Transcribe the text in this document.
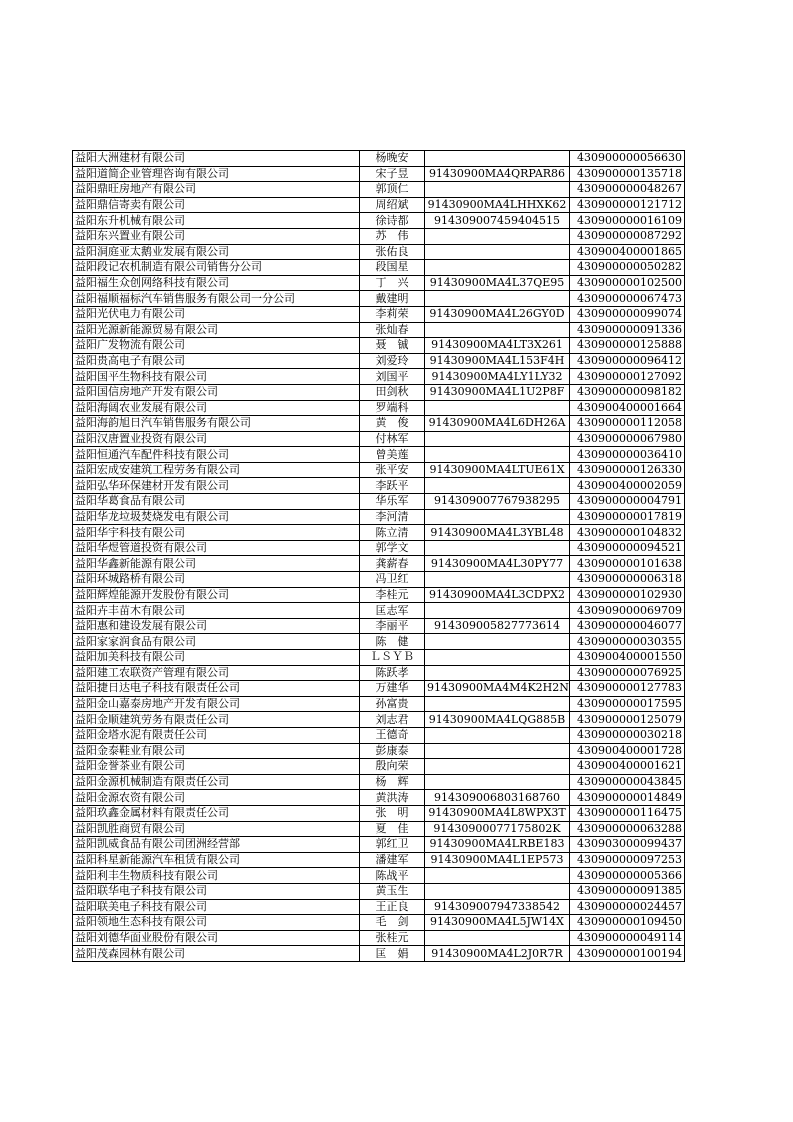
益阳大洲建材有限公司	杨晚安		430900000056630
益阳道简企业管理咨询有限公司	宋子昱	91430900MA4QRPAR86	430900000135718
益阳鼎旺房地产有限公司	郭顶仁		430900000048267
益阳鼎信寄卖有限公司	周绍斌	91430900MA4LHHXK62	430900000121712
益阳东升机械有限公司	徐诗都	914309007459404515	430900000016109
益阳东兴置业有限公司	苏　伟		430900000087292
益阳洞庭亚太鹅业发展有限公司	张佑良		430900400001865
益阳段记农机制造有限公司销售分公司	段国星		430900000050282
益阳福生众创网络科技有限公司	丁　兴	91430900MA4L37QE95	430900000102500
益阳福顺福标汽车销售服务有限公司一分公司	戴建明		430900000067473
益阳光伏电力有限公司	李莉荣	91430900MA4L26GY0D	430900000099074
益阳光源新能源贸易有限公司	张灿春		430900000091336
益阳广发物流有限公司	聂　铖	91430900MA4LT3X261	430900000125888
益阳贵高电子有限公司	刘爱玲	91430900MA4L153F4H	430900000096412
益阳国平生物科技有限公司	刘国平	91430900MA4LY1LY32	430900000127092
益阳国信房地产开发有限公司	田剑秋	91430900MA4L1U2P8F	430900000098182
益阳海阔农业发展有限公司	罗端科		430900400001664
益阳海韵旭日汽车销售服务有限公司	黄　俊	91430900MA4L6DH26A	430900000112058
益阳汉唐置业投资有限公司	付林军		430900000067980
益阳恒通汽车配件科技有限公司	曾美莲		430900000036410
益阳宏成安建筑工程劳务有限公司	张平安	91430900MA4LTUE61X	430900000126330
益阳弘华环保建材开发有限公司	李跃平		430900400002059
益阳华葛食品有限公司	华乐军	914309007767938295	430900000004791
益阳华龙垃圾焚烧发电有限公司	李河清		430900000017819
益阳华宇科技有限公司	陈立清	91430900MA4L3YBL48	430900000104832
益阳华煜管道投资有限公司	郭学文		430900000094521
益阳华鑫新能源有限公司	龚薪春	91430900MA4L30PY77	430900000101638
益阳环城路桥有限公司	冯卫红		430900000006318
益阳辉煌能源开发股份有限公司	李桂元	91430900MA4L3CDPX2	430900000102930
益阳卉丰苗木有限公司	匡志军		430909000069709
益阳惠和建设发展有限公司	李丽平	914309005827773614	430900000046077
益阳家家润食品有限公司	陈　健		430900000030355
益阳加美科技有限公司	ＬＳＹＢ		430900400001550
益阳建工农联资产管理有限公司	陈跃孝		430900000076925
益阳捷日达电子科技有限责任公司	万建华	91430900MA4M4K2H2N	430900000127783
益阳金山嘉泰房地产开发有限公司	孙富贵		430900000017595
益阳金顺建筑劳务有限责任公司	刘志君	91430900MA4LQG885B	430900000125079
益阳金塔水泥有限责任公司	王德奇		430900000030218
益阳金泰鞋业有限公司	彭康泰		430900400001728
益阳金誉茶业有限公司	殷向荣		430900400001621
益阳金源机械制造有限责任公司	杨　辉		430900000043845
益阳金源农资有限公司	黄洪涛	914309006803168760	430900000014849
益阳玖鑫金属材料有限责任公司	张　明	91430900MA4L8WPX3T	430900000116475
益阳凯胜商贸有限公司	夏　佳	91430900077175802K	430900000063288
益阳凯威食品有限公司团洲经营部	郭红卫	91430900MA4LRBE183	430903000099437
益阳科星新能源汽车租赁有限公司	潘建军	91430900MA4L1EP573	430900000097253
益阳利丰生物质科技有限公司	陈战平		430900000005366
益阳联华电子科技有限公司	黄玉生		430900000091385
益阳联美电子科技有限公司	王正良	914309007947338542	430900000024457
益阳领地生态科技有限公司	毛　剑	91430900MA4L5JW14X	430900000109450
益阳刘德华面业股份有限公司	张桂元		430900000049114
益阳茂森园林有限公司	匡　娟	91430900MA4L2J0R7R	430900000100194
